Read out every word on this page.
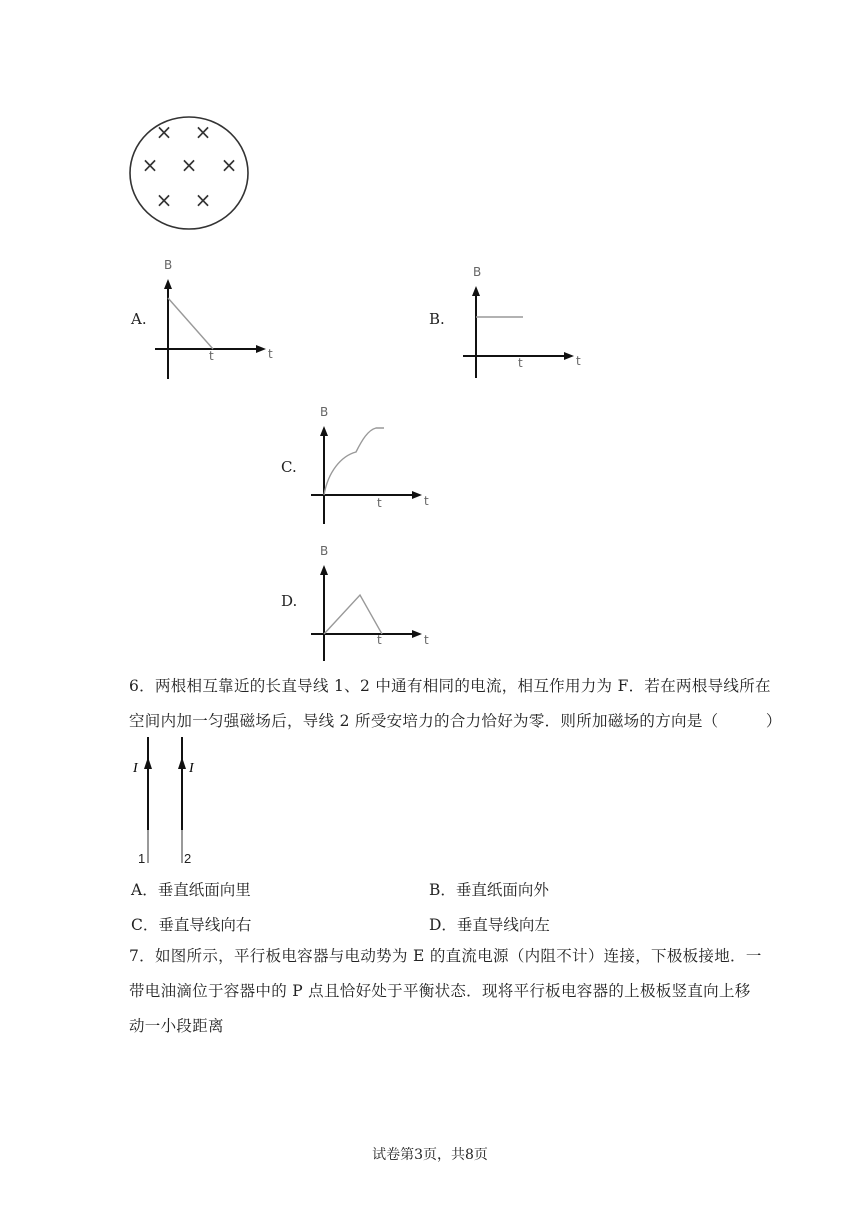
× ×
× × ×
× ×
A.
B
t
t
B.
B
t
t
C.
B
t
t
D.
B
t
t
6．两根相互靠近的长直导线 1、2 中通有相同的电流，相互作用力为 F．若在两根导线所在
空间内加一匀强磁场后，导线 2 所受安培力的合力恰好为零．则所加磁场的方向是（　　　）
I	I
1	2
A．垂直纸面向里	B．垂直纸面向外
C．垂直导线向右	D．垂直导线向左
7．如图所示，平行板电容器与电动势为 E 的直流电源（内阻不计）连接，下极板接地．一
带电油滴位于容器中的 P 点且恰好处于平衡状态．现将平行板电容器的上极板竖直向上移
动一小段距离
试卷第3页，共8页
